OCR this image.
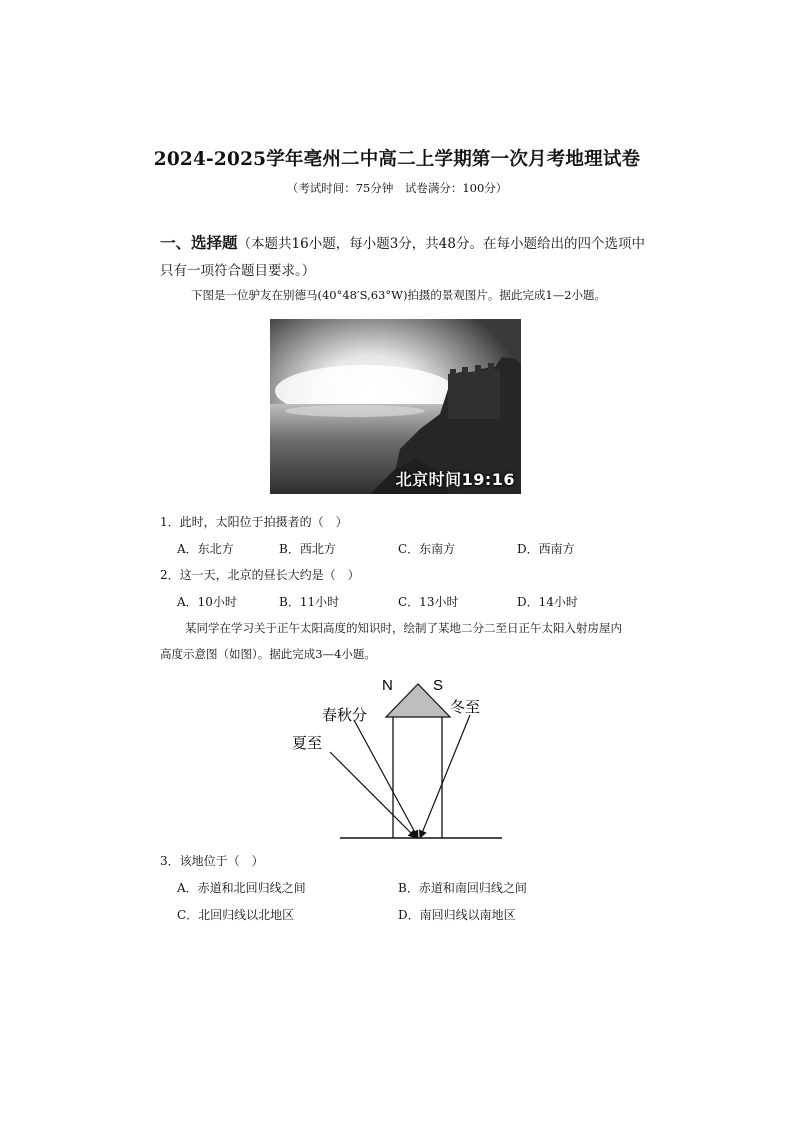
2024-2025学年亳州二中高二上学期第一次月考地理试卷
（考试时间：75分钟　试卷满分：100分）
一、选择题（本题共16小题，每小题3分，共48分。在每小题给出的四个选项中
只有一项符合题目要求。）
下图是一位驴友在别德马(40°48′S,63°W)拍摄的景观图片。据此完成1—2小题。
北京时间19:16
1．此时，太阳位于拍摄者的（　）
A．东北方	B．西北方	C．东南方	D．西南方
2．这一天，北京的昼长大约是（　）
A．10小时	B．11小时	C．13小时	D．14小时
某同学在学习关于正午太阳高度的知识时，绘制了某地二分二至日正午太阳入射房屋内
高度示意图（如图）。据此完成3—4小题。
N	S
春秋分
夏至
冬至
3．该地位于（　）
A．赤道和北回归线之间	B．赤道和南回归线之间
C．北回归线以北地区	D．南回归线以南地区
